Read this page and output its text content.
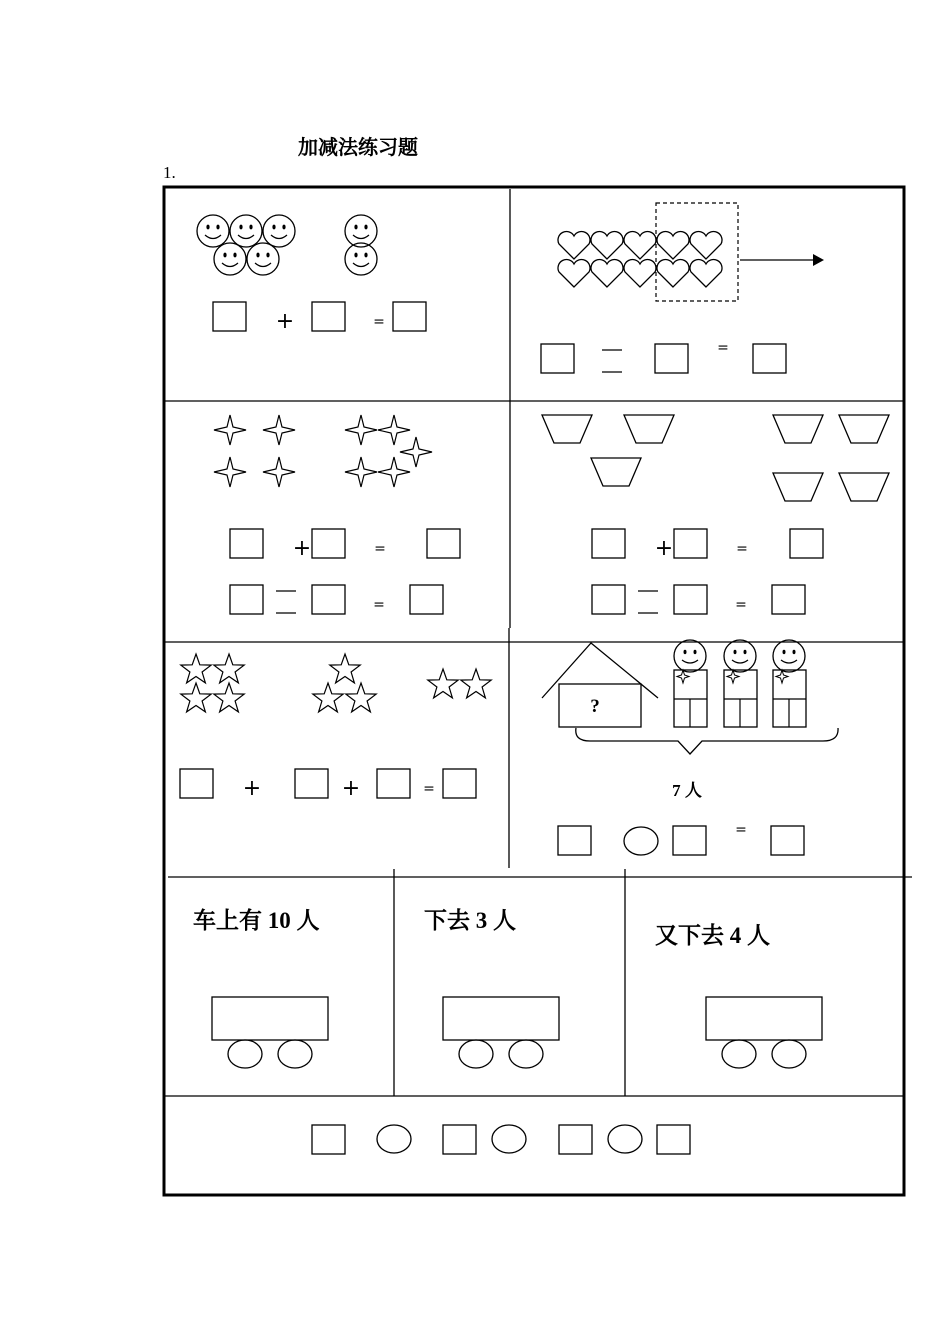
加减法练习题
1.
+	=
=
+	=
=
+	=
=
+	+	=
?
7 人
=
车上有 10 人	下去 3 人
又下去 4 人
